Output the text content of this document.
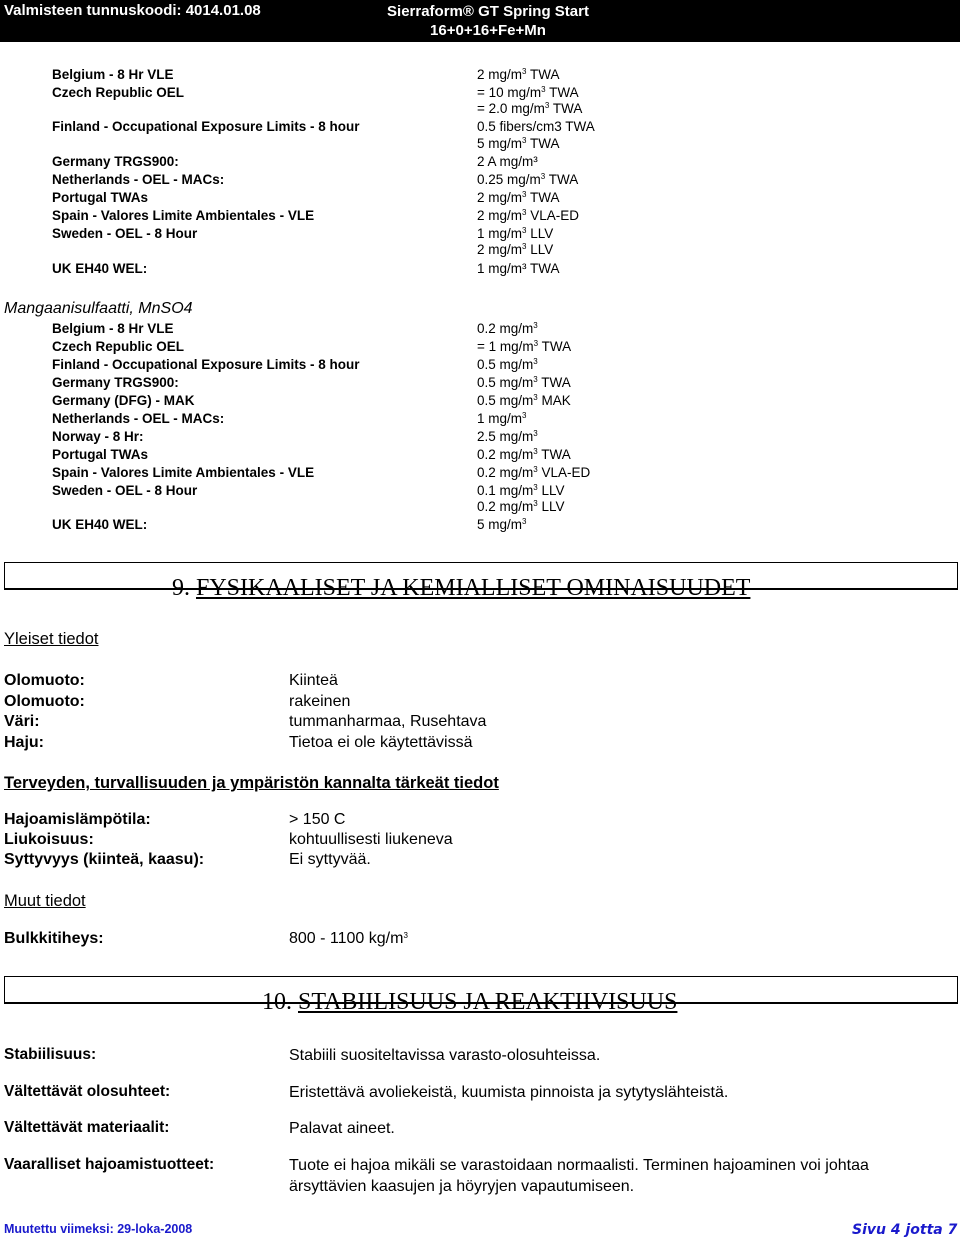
Valmisteen tunnuskoodi: 4014.01.08	Sierraform® GT Spring Start
16+0+16+Fe+Mn
Belgium - 8 Hr VLE	2 $mg/m^3$ TWA
Czech Republic OEL	= 10 $mg/m^3$ TWA
= 2.0 $mg/m^3$ TWA
Finland - Occupational Exposure Limits - 8 hour	0.5 fibers/cm3 TWA
5 $mg/m^3$ TWA
Germany TRGS900:	2 A mg/m³
Netherlands - OEL - MACs:	0.25 $mg/m^3$ TWA
Portugal TWAs	2 $mg/m^3$ TWA
Spain - Valores Limite Ambientales - VLE	2 $mg/m^3$ VLA-ED
Sweden - OEL - 8 Hour	1 $mg/m^3$ LLV
2 $mg/m^3$ LLV
UK EH40 WEL:	1 mg/m³ TWA
Mangaanisulfaatti, MnSO4
Belgium - 8 Hr VLE	0.2 $mg/m^3$
Czech Republic OEL	= 1 $mg/m^3$ TWA
Finland - Occupational Exposure Limits - 8 hour	0.5 $mg/m^3$
Germany TRGS900:	0.5 $mg/m^3$ TWA
Germany (DFG) - MAK	0.5 $mg/m^3$ MAK
Netherlands - OEL - MACs:	1 $mg/m^3$
Norway - 8 Hr:	2.5 $mg/m^3$
Portugal TWAs	0.2 $mg/m^3$ TWA
Spain - Valores Limite Ambientales - VLE	0.2 $mg/m^3$ VLA-ED
Sweden - OEL - 8 Hour	0.1 $mg/m^3$ LLV
0.2 $mg/m^3$ LLV
UK EH40 WEL:	5 $mg/m^3$
9. FYSIKAALISET JA KEMIALLISET OMINAISUUDET
Yleiset tiedot
Olomuoto:	Kiinteä
Olomuoto:	rakeinen
Väri:	tummanharmaa, Rusehtava
Haju:	Tietoa ei ole käytettävissä
Terveyden, turvallisuuden ja ympäristön kannalta tärkeät tiedot
Hajoamislämpötila:	> 150 C
Liukoisuus:	kohtuullisesti liukeneva
Syttyvyys (kiinteä, kaasu):	Ei syttyvää.
Muut tiedot
Bulkkitiheys:	800 - 1100 $kg/m^3$
10. STABIILISUUS JA REAKTIIVISUUS
Stabiilisuus:	Stabiili suositeltavissa varasto-olosuhteissa.
Vältettävät olosuhteet:	Eristettävä avoliekeistä, kuumista pinnoista ja sytytyslähteistä.
Vältettävät materiaalit:	Palavat aineet.
Vaaralliset hajoamistuotteet:	Tuote ei hajoa mikäli se varastoidaan normaalisti. Terminen hajoaminen voi johtaa ärsyttävien kaasujen ja höyryjen vapautumiseen.
Muutettu viimeksi: 29-loka-2008	Sivu 4 jotta 7
